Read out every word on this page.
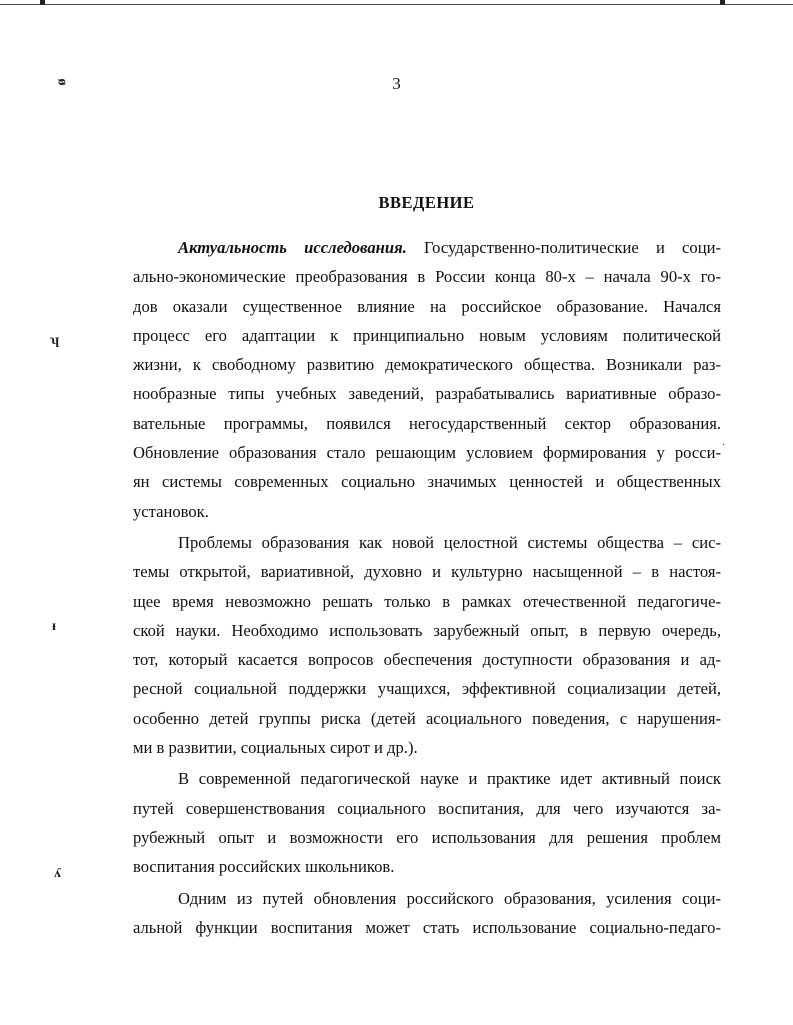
3
ВВЕДЕНИЕ
ᴓ
ʮ
ᵻ
ʎ
·
Актуальность исследования. Государственно-политические и соци-
ально-экономические преобразования в России конца 80-х – начала 90-х го-
дов оказали существенное влияние на российское образование. Начался
процесс его адаптации к принципиально новым условиям политической
жизни, к свободному развитию демократического общества. Возникали раз-
нообразные типы учебных заведений, разрабатывались вариативные образо-
вательные программы, появился негосударственный сектор образования.
Обновление образования стало решающим условием формирования у росси-
ян системы современных социально значимых ценностей и общественных
установок.
Проблемы образования как новой целостной системы общества – сис-
темы открытой, вариативной, духовно и культурно насыщенной – в настоя-
щее время невозможно решать только в рамках отечественной педагогиче-
ской науки. Необходимо использовать зарубежный опыт, в первую очередь,
тот, который касается вопросов обеспечения доступности образования и ад-
ресной социальной поддержки учащихся, эффективной социализации детей,
особенно детей группы риска (детей асоциального поведения, с нарушения-
ми в развитии, социальных сирот и др.).
В современной педагогической науке и практике идет активный поиск
путей совершенствования социального воспитания, для чего изучаются за-
рубежный опыт и возможности его использования для решения проблем
воспитания российских школьников.
Одним из путей обновления российского образования, усиления соци-
альной функции воспитания может стать использование социально-педаго-
